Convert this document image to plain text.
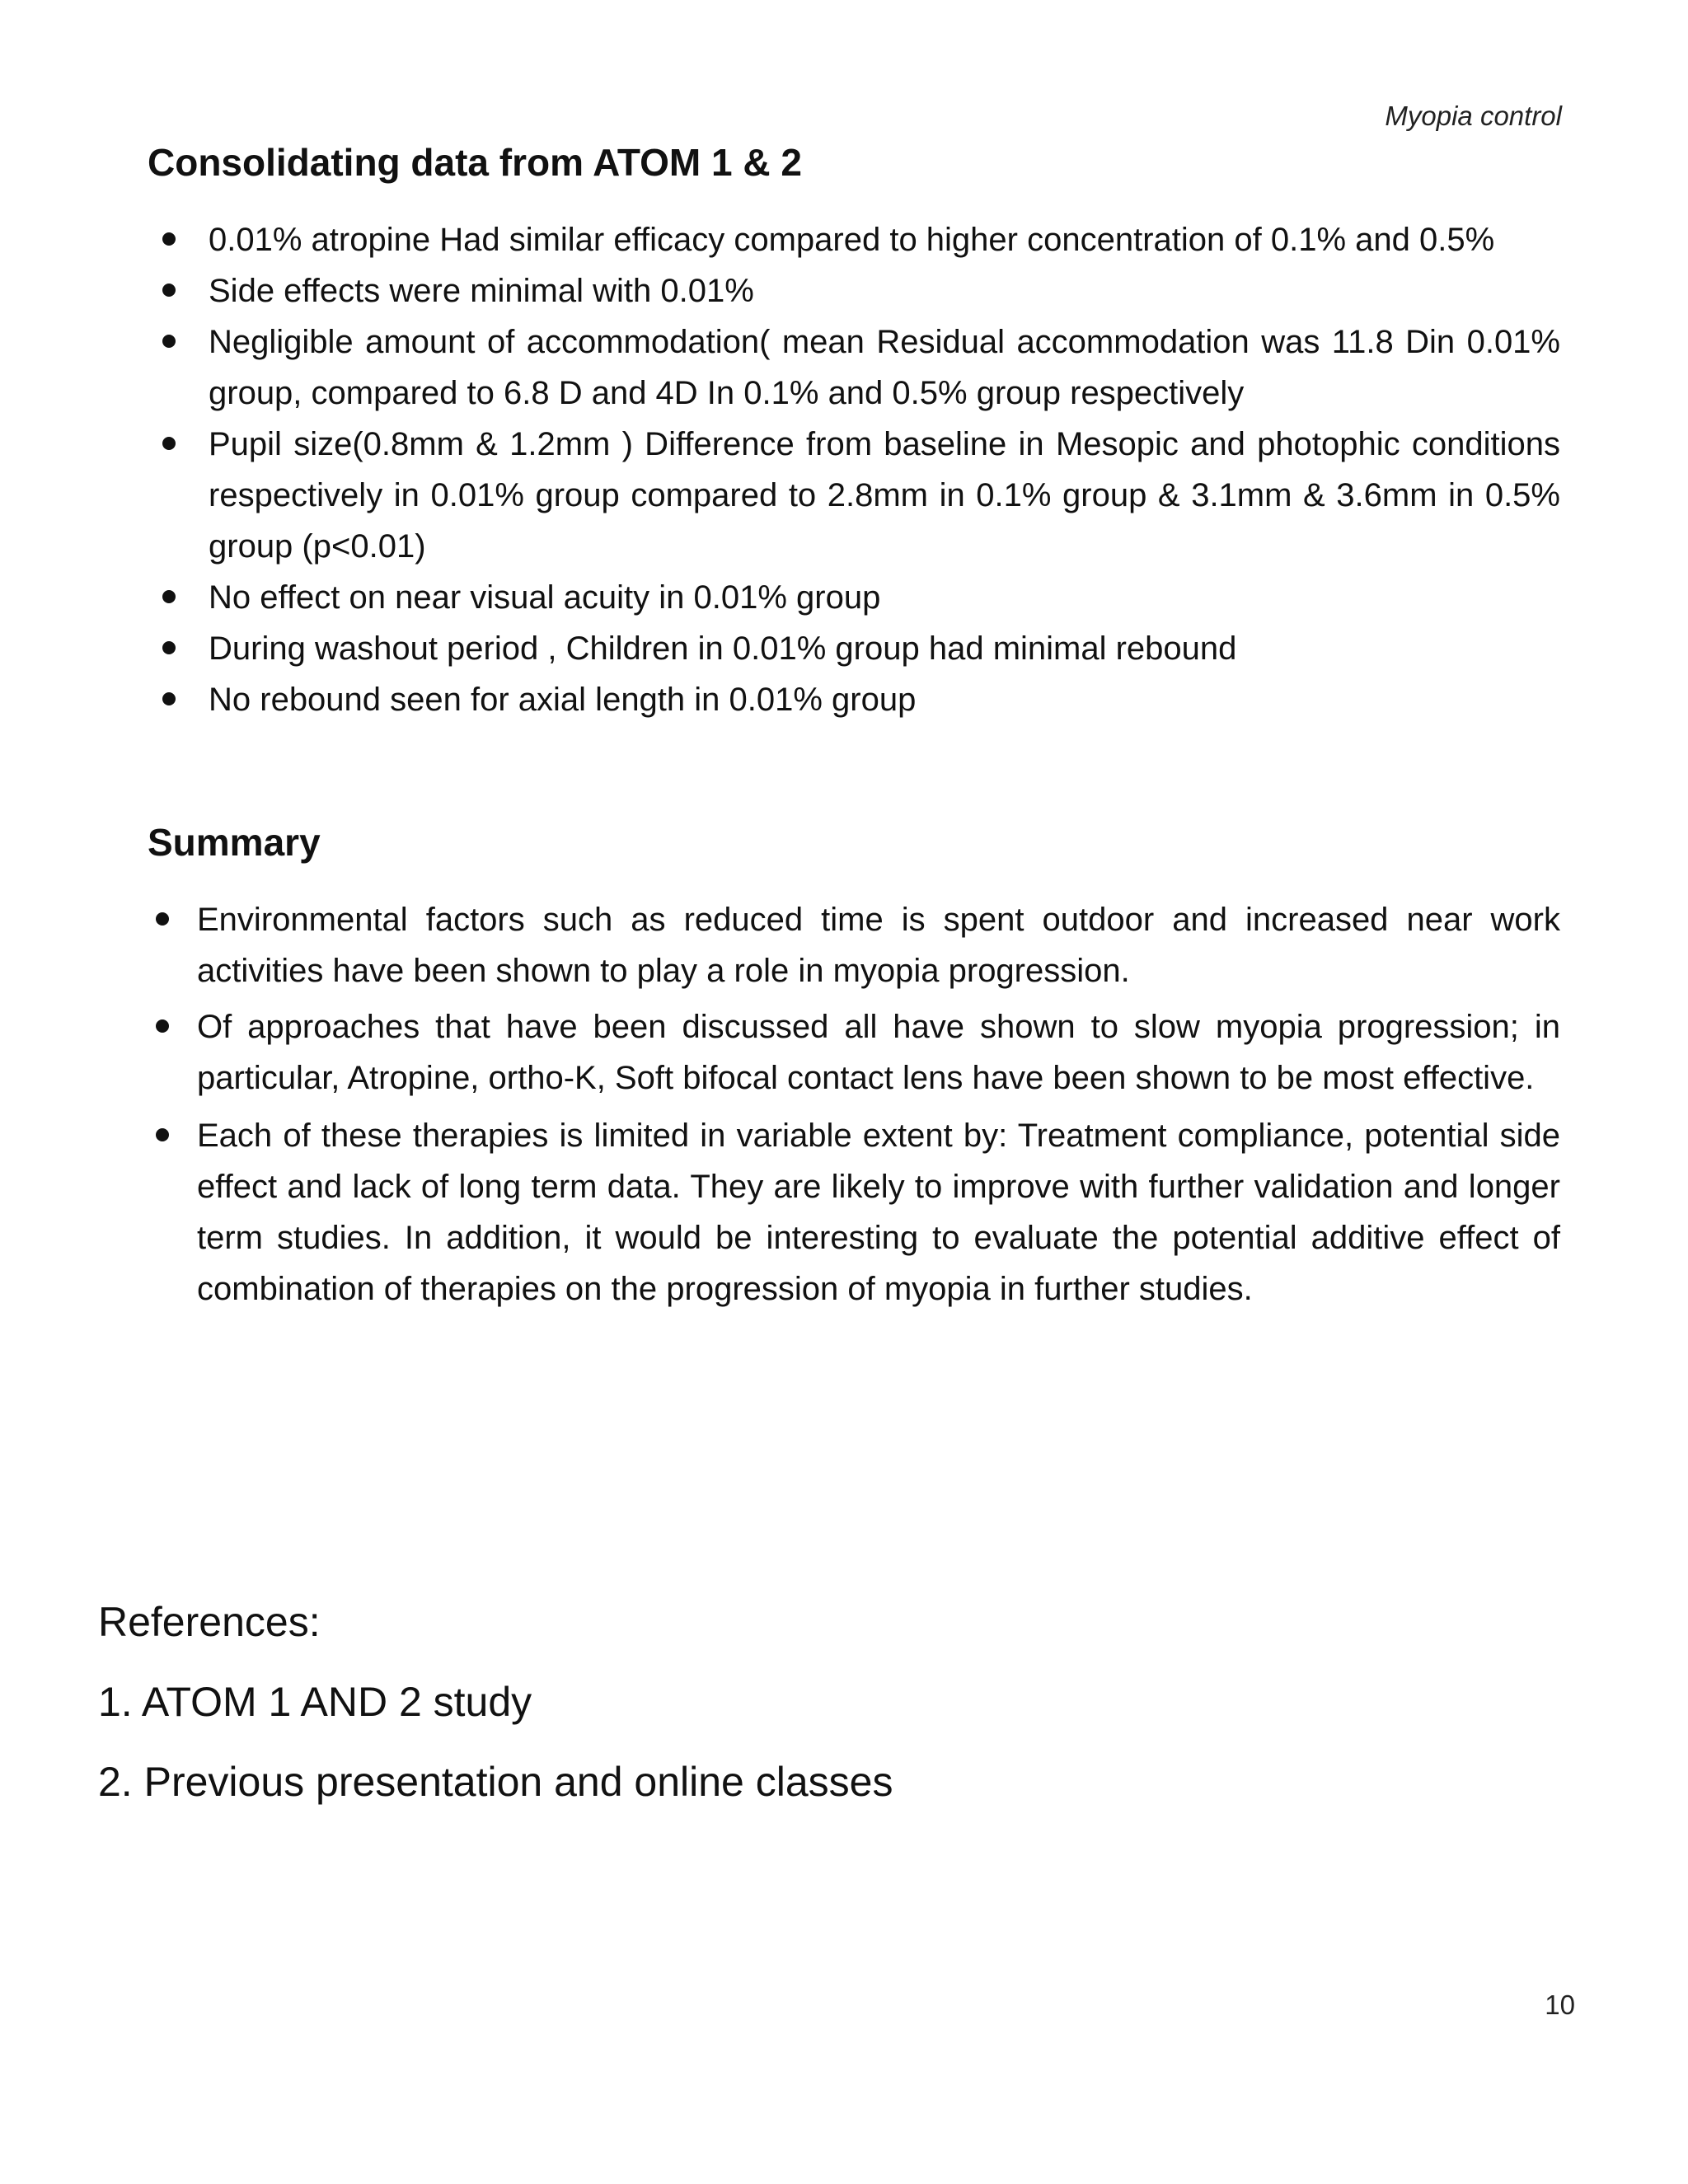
Myopia control
Consolidating data from ATOM 1 & 2
0.01% atropine Had similar efficacy compared to higher concentration of 0.1% and 0.5%
Side effects were minimal with 0.01%
Negligible amount of accommodation( mean Residual accommodation was 11.8 Din 0.01% group, compared to 6.8 D and 4D In 0.1% and 0.5% group respectively
Pupil size(0.8mm & 1.2mm ) Difference from baseline in Mesopic and photophic conditions respectively in 0.01% group compared to 2.8mm in 0.1% group & 3.1mm & 3.6mm in 0.5% group (p<0.01)
No effect on near visual acuity in 0.01% group
During washout period , Children in 0.01% group had minimal rebound
No rebound seen for axial length in 0.01% group
Summary
Environmental factors such as reduced time is spent outdoor and increased near work activities have been shown to play a role in myopia progression.
Of approaches that have been discussed all have shown to slow myopia progression; in particular, Atropine, ortho-K, Soft bifocal contact lens have been shown to be most effective.
Each of these therapies is limited in variable extent by: Treatment compliance, potential side effect and lack of long term data. They are likely to improve with further validation and longer term studies. In addition, it would be interesting to evaluate the potential additive effect of combination of therapies on the progression of myopia in further studies.
References:
1. ATOM 1 AND 2 study
2. Previous presentation and online classes
10
